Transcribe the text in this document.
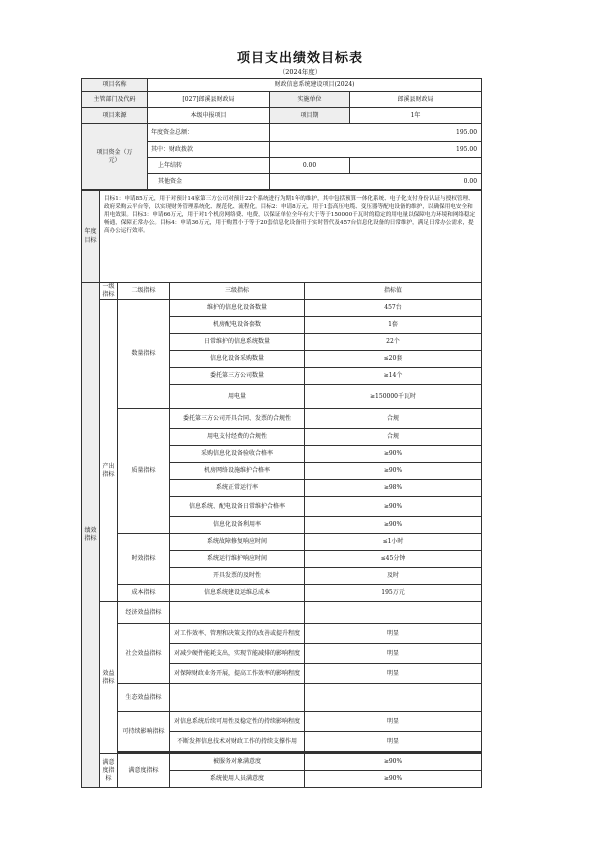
项目支出绩效目标表
（2024年度）
项目名称	财政信息系统建设项目(2024)		
主管部门及代码	[027]郎溪县财政局	实施单位	郎溪县财政局
项目来源	本级申报项目	项目期	1年
项目资金（万元）	年度资金总额：	195.00	
	其中：财政拨款	195.00	
	上年结转	0.00	
	其他资金	0.00	
年度目标	目标1：申请85万元，用于对预计14家第三方公司对预计22个系统进行为期1年的维护，其中包括预算一体化系统、电子化支付身份认证与授权管理、政府采购云平台等，以实现财务管理系统化、规范化、流程化。目标2：申请8万元，用于1套高压电缆、变压器等配电设备的维护，以确保用电安全和用电效果。目标3：申请66万元，用于对1个机房网络费、电费，以保证单位全年有大于等于150000千瓦时的稳定的用电量以保障电力环境和网络稳定畅通，保障正常办公。目标4：申请36万元，用于购置小于等于20套信息化设备用于实时替代及457台信息化设备的日常维护，满足日常办公需求，提高办公运行效率。
绩效指标	一级指标	二级指标	三级指标	指标值
	产出指标	数量指标	维护的信息化设备数量	457台
			机房配电设备套数	1套
			日常维护的信息系统数量	22个
			信息化设备采购数量	≤20套
			委托第三方公司数量	≥14个
			用电量	≥150000千瓦时
		质量指标	委托第三方公司开具合同、发票的合规性	合规
			用电支付经费的合规性	合规
			采购信息化设备验收合格率	≥90%
			机房网络设施维护合格率	≥90%
			系统正常运行率	≥98%
			信息系统、配电设备日常维护合格率	≥90%
			信息化设备利用率	≥90%
		时效指标	系统故障修复响应时间	≤1小时
			系统运行维护响应时间	≤45分钟
			开具发票的及时性	及时
		成本指标	信息系统建设运维总成本	195万元
	效益指标	经济效益指标		
		社会效益指标	对工作效率、管理和决策支持的改善或提升程度	明显
			对减少硬件能耗支出，实现节能减排的影响程度	明显
			对保障财政业务开展，提高工作效率的影响程度	明显
		生态效益指标		
		可持续影响指标	对信息系统后续可用性及稳定性的持续影响程度	明显
			不断发挥信息技术对财政工作的持续支撑作用	明显

	满意度指标	满意度指标	被服务对象满意度	≥90%
			系统使用人员满意度	≥90%
